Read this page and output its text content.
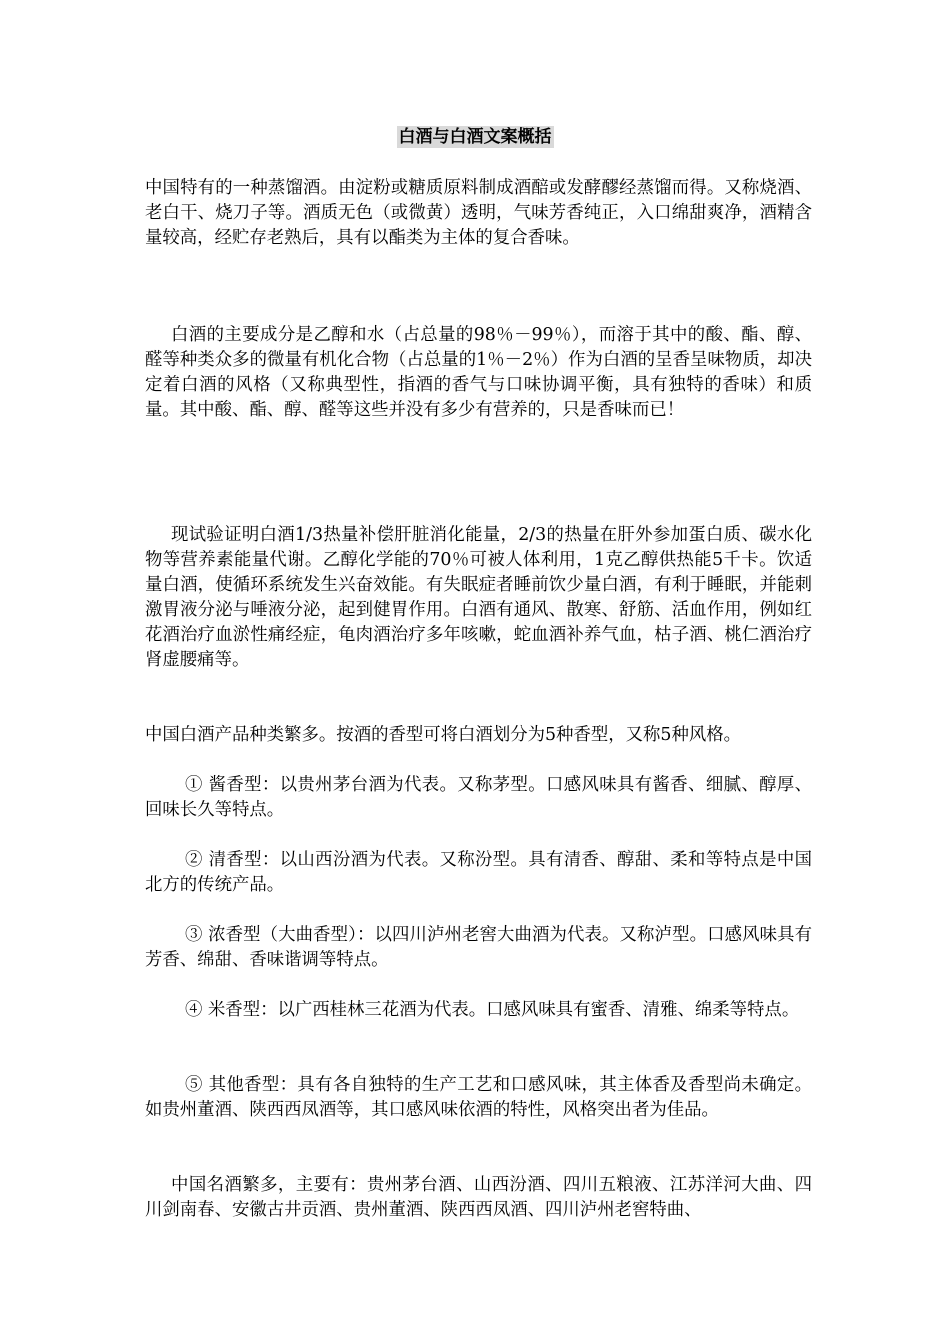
白酒与白酒文案概括

中国特有的一种蒸馏酒。由淀粉或糖质原料制成酒醅或发酵醪经蒸馏而得。又称烧酒、老白干、烧刀子等。酒质无色（或微黄）透明，气味芳香纯正，入口绵甜爽净，酒精含量较高，经贮存老熟后，具有以酯类为主体的复合香味。

白酒的主要成分是乙醇和水（占总量的98％－99％），而溶于其中的酸、酯、醇、醛等种类众多的微量有机化合物（占总量的1％－2％）作为白酒的呈香呈味物质，却决定着白酒的风格（又称典型性，指酒的香气与口味协调平衡，具有独特的香味）和质量。其中酸、酯、醇、醛等这些并没有多少有营养的，只是香味而已！

现试验证明白酒1/3热量补偿肝脏消化能量，2/3的热量在肝外参加蛋白质、碳水化物等营养素能量代谢。乙醇化学能的70％可被人体利用，1克乙醇供热能5千卡。饮适量白酒，使循环系统发生兴奋效能。有失眠症者睡前饮少量白酒，有利于睡眠，并能刺激胃液分泌与唾液分泌，起到健胃作用。白酒有通风、散寒、舒筋、活血作用，例如红花酒治疗血淤性痛经症，龟肉酒治疗多年咳嗽，蛇血酒补养气血，枯子酒、桃仁酒治疗肾虚腰痛等。

中国白酒产品种类繁多。按酒的香型可将白酒划分为5种香型，又称5种风格。

① 酱香型：以贵州茅台酒为代表。又称茅型。口感风味具有酱香、细腻、醇厚、回味长久等特点。

② 清香型：以山西汾酒为代表。又称汾型。具有清香、醇甜、柔和等特点是中国北方的传统产品。

③ 浓香型（大曲香型）：以四川泸州老窖大曲酒为代表。又称泸型。口感风味具有芳香、绵甜、香味谐调等特点。

④ 米香型：以广西桂林三花酒为代表。口感风味具有蜜香、清雅、绵柔等特点。

⑤ 其他香型：具有各自独特的生产工艺和口感风味，其主体香及香型尚未确定。如贵州董酒、陕西西凤酒等，其口感风味依酒的特性，风格突出者为佳品。

中国名酒繁多，主要有：贵州茅台酒、山西汾酒、四川五粮液、江苏洋河大曲、四川剑南春、安徽古井贡酒、贵州董酒、陕西西凤酒、四川泸州老窖特曲、
